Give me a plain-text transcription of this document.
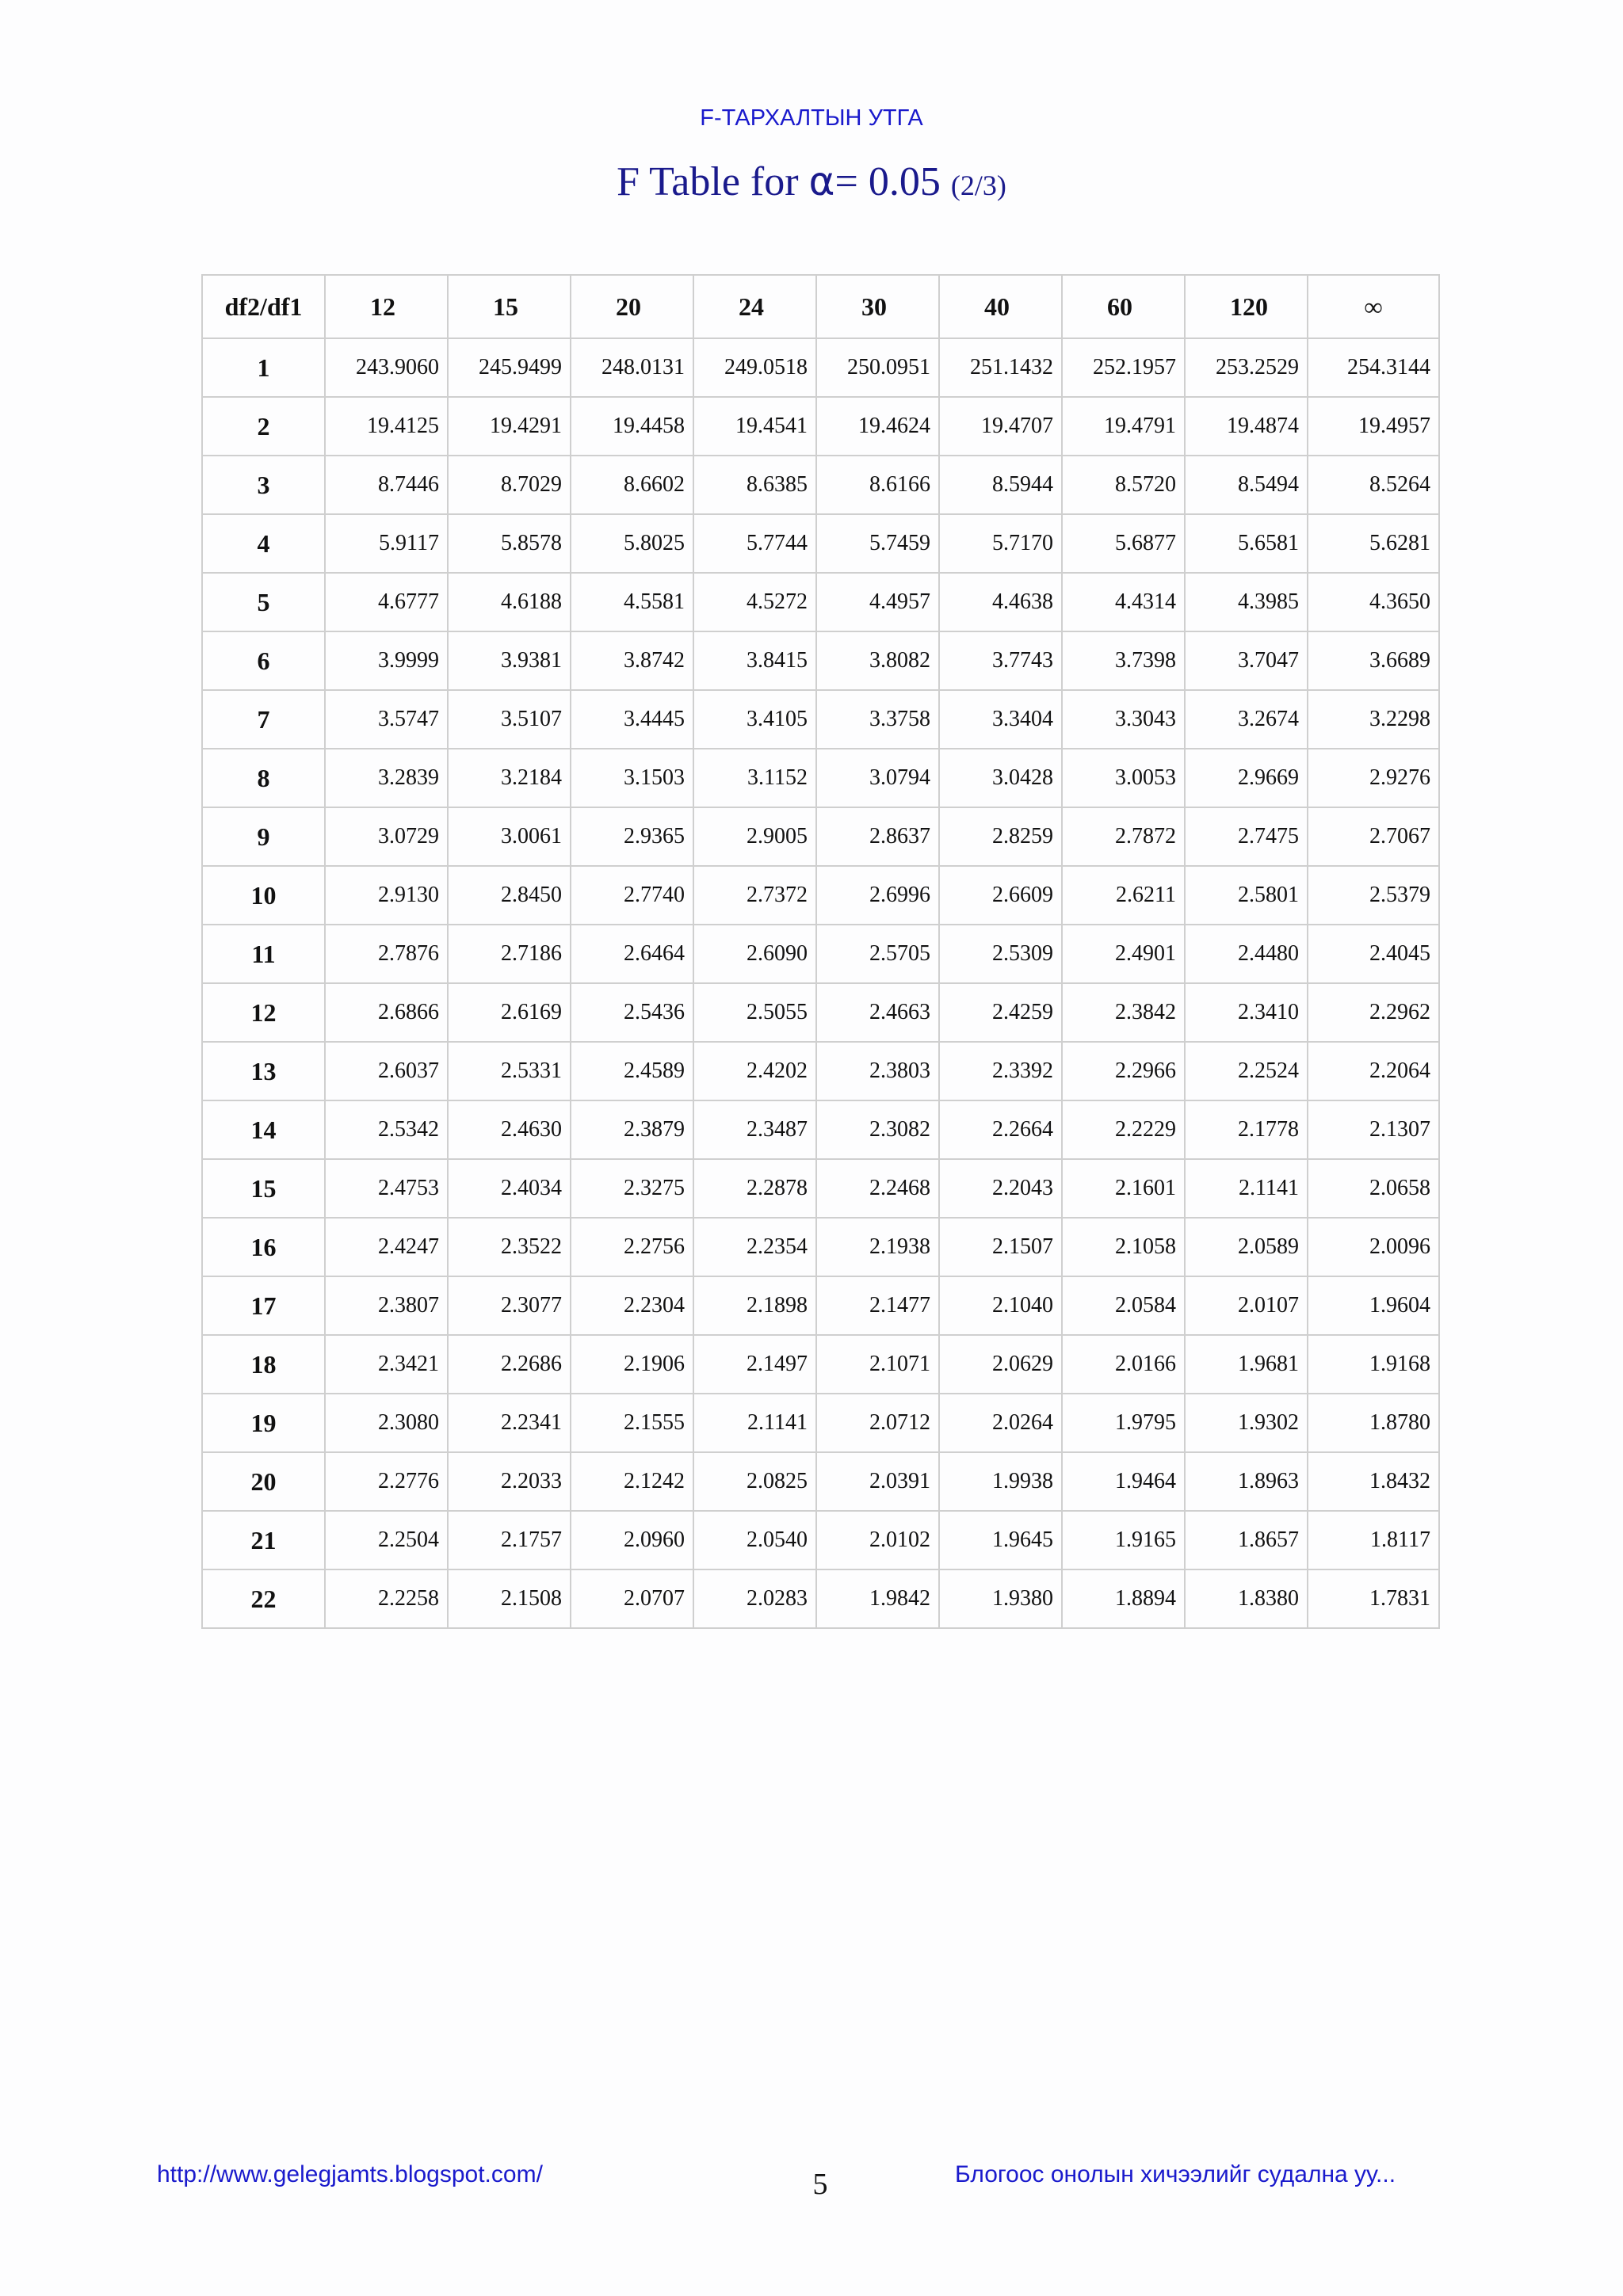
F-ТАРХАЛТЫН УТГА
F Table for α= 0.05 (2/3)
df2/df1	12	15	20	24	30	40	60	120	∞
1	243.9060	245.9499	248.0131	249.0518	250.0951	251.1432	252.1957	253.2529	254.3144
2	19.4125	19.4291	19.4458	19.4541	19.4624	19.4707	19.4791	19.4874	19.4957
3	8.7446	8.7029	8.6602	8.6385	8.6166	8.5944	8.5720	8.5494	8.5264
4	5.9117	5.8578	5.8025	5.7744	5.7459	5.7170	5.6877	5.6581	5.6281
5	4.6777	4.6188	4.5581	4.5272	4.4957	4.4638	4.4314	4.3985	4.3650
6	3.9999	3.9381	3.8742	3.8415	3.8082	3.7743	3.7398	3.7047	3.6689
7	3.5747	3.5107	3.4445	3.4105	3.3758	3.3404	3.3043	3.2674	3.2298
8	3.2839	3.2184	3.1503	3.1152	3.0794	3.0428	3.0053	2.9669	2.9276
9	3.0729	3.0061	2.9365	2.9005	2.8637	2.8259	2.7872	2.7475	2.7067
10	2.9130	2.8450	2.7740	2.7372	2.6996	2.6609	2.6211	2.5801	2.5379
11	2.7876	2.7186	2.6464	2.6090	2.5705	2.5309	2.4901	2.4480	2.4045
12	2.6866	2.6169	2.5436	2.5055	2.4663	2.4259	2.3842	2.3410	2.2962
13	2.6037	2.5331	2.4589	2.4202	2.3803	2.3392	2.2966	2.2524	2.2064
14	2.5342	2.4630	2.3879	2.3487	2.3082	2.2664	2.2229	2.1778	2.1307
15	2.4753	2.4034	2.3275	2.2878	2.2468	2.2043	2.1601	2.1141	2.0658
16	2.4247	2.3522	2.2756	2.2354	2.1938	2.1507	2.1058	2.0589	2.0096
17	2.3807	2.3077	2.2304	2.1898	2.1477	2.1040	2.0584	2.0107	1.9604
18	2.3421	2.2686	2.1906	2.1497	2.1071	2.0629	2.0166	1.9681	1.9168
19	2.3080	2.2341	2.1555	2.1141	2.0712	2.0264	1.9795	1.9302	1.8780
20	2.2776	2.2033	2.1242	2.0825	2.0391	1.9938	1.9464	1.8963	1.8432
21	2.2504	2.1757	2.0960	2.0540	2.0102	1.9645	1.9165	1.8657	1.8117
22	2.2258	2.1508	2.0707	2.0283	1.9842	1.9380	1.8894	1.8380	1.7831
http://www.gelegjamts.blogspot.com/	5	Блогоос онолын хичээлийг судална уу...
